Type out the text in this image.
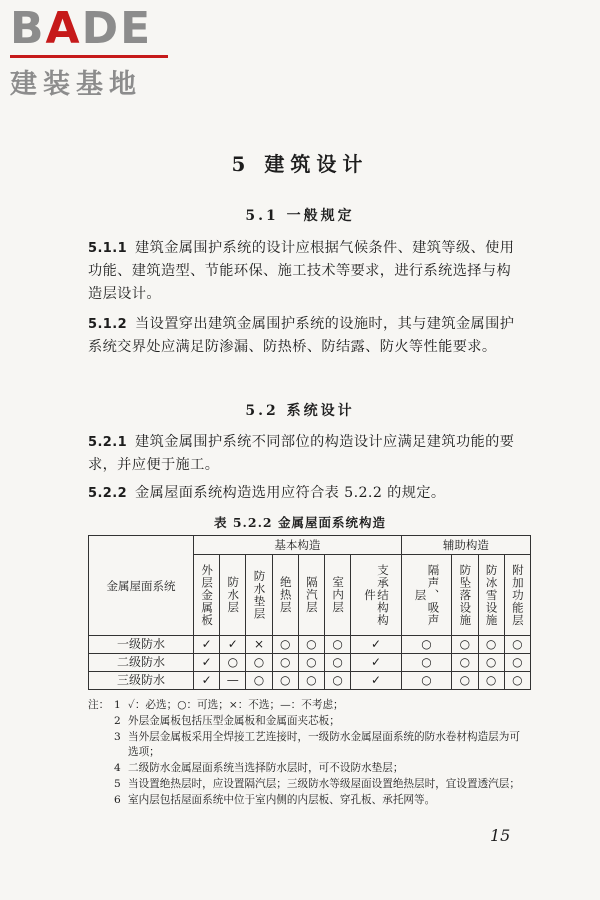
BADE
建装基地
5 建筑设计
5.1 一般规定
5.1.1 建筑金属围护系统的设计应根据气候条件、建筑等级、使用功能、建筑造型、节能环保、施工技术等要求，进行系统选择与构造层设计。
5.1.2 当设置穿出建筑金属围护系统的设施时，其与建筑金属围护系统交界处应满足防渗漏、防热桥、防结露、防火等性能要求。
5.2 系统设计
5.2.1 建筑金属围护系统不同部位的构造设计应满足建筑功能的要求，并应便于施工。
5.2.2 金属屋面系统构造选用应符合表 5.2.2 的规定。
表 5.2.2 金属屋面系统构造
金属屋面系统	基本构造							辅助构造			

	外层金属板	防水层	防水垫层	绝热层	隔汽层	室内层	支承结构构件	隔声、吸声层	防坠落设施	防冰雪设施	附加功能层

一级防水	✓	✓	×	○	○	○	✓	○	○	○	○
二级防水	✓	○	○	○	○	○	✓	○	○	○	○
三级防水	✓	—	○	○	○	○	✓	○	○	○	○
注： 1 ✓：必选；○：可选；×：不选；—：不考虑；
2 外层金属板包括压型金属板和金属面夹芯板；
3 当外层金属板采用全焊接工艺连接时，一级防水金属屋面系统的防水卷材构造层为可选项；
4 二级防水金属屋面系统当选择防水层时，可不设防水垫层；
5 当设置绝热层时，应设置隔汽层；三级防水等级屋面设置绝热层时，宜设置透汽层；
6 室内层包括屋面系统中位于室内侧的内层板、穿孔板、承托网等。
15
